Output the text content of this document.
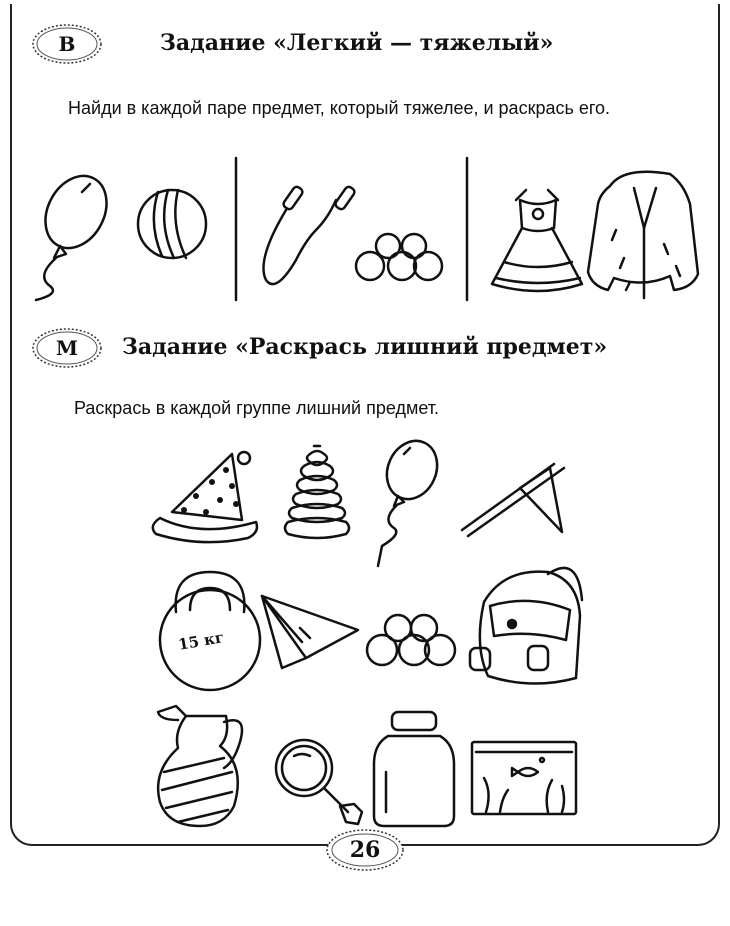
В	Задание «Легкий — тяжелый»
Найди в каждой паре предмет, который тяжелее, и раскрась его.
М	Задание «Раскрась лишний предмет»
Раскрась в каждой группе лишний предмет.
15 кг
26
